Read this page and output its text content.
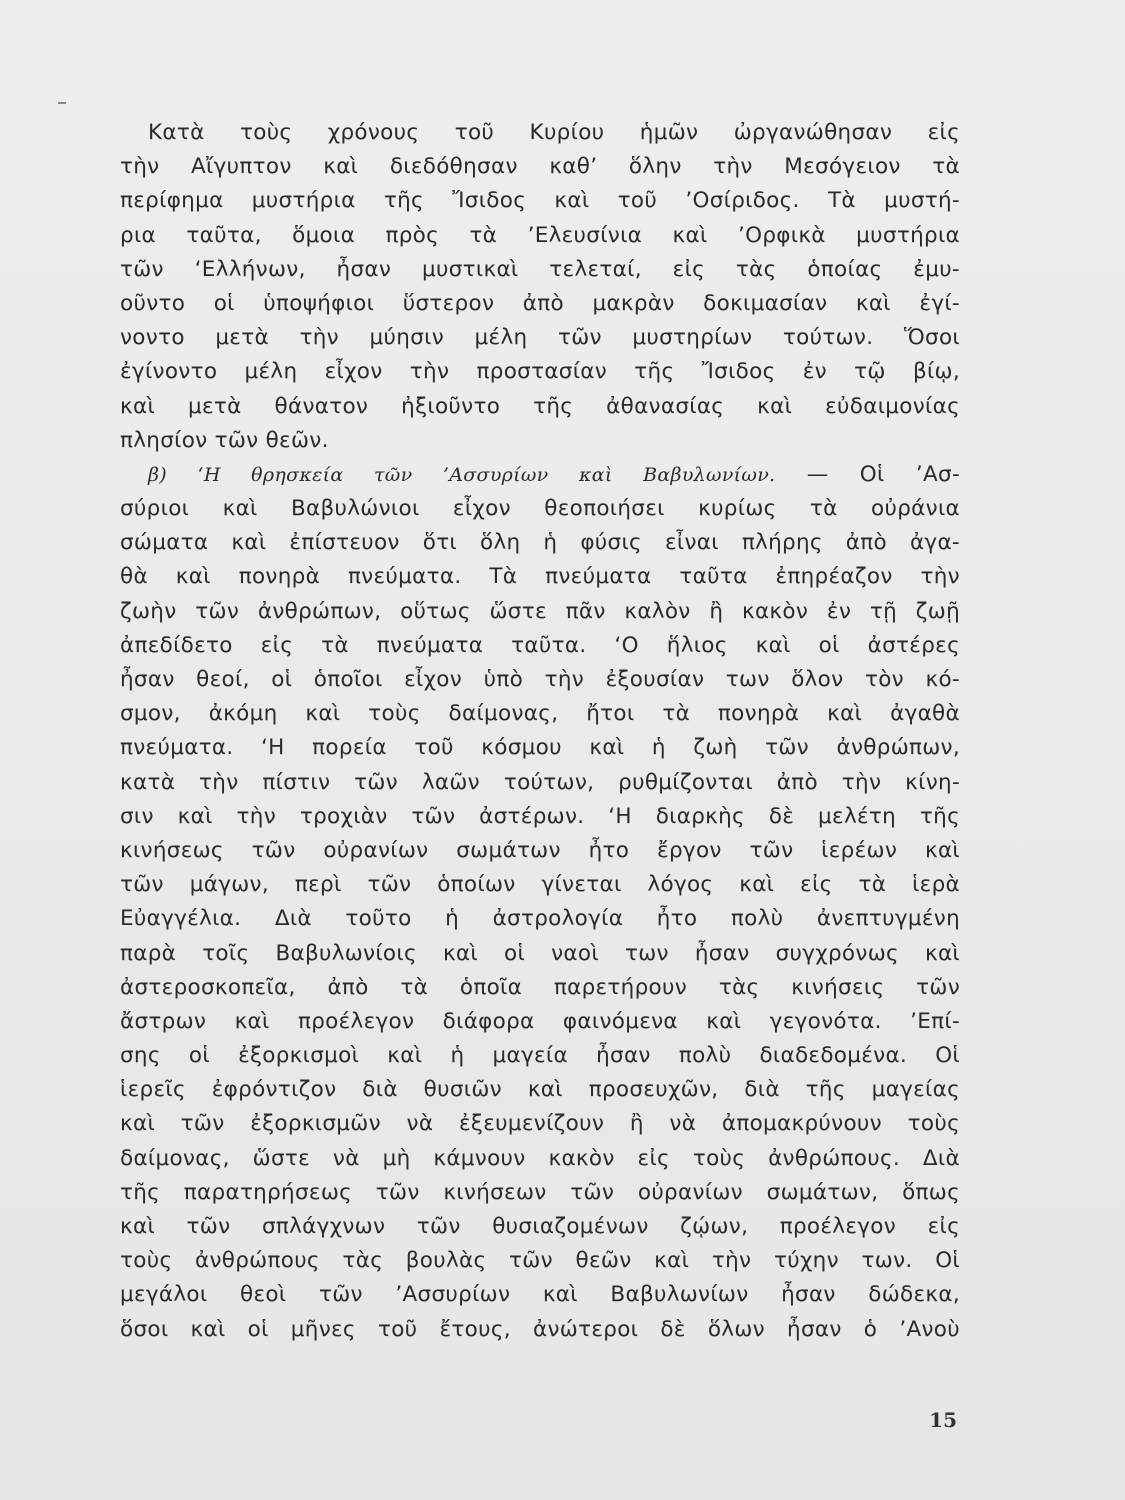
Κατὰ τοὺς χρόνους τοῦ Κυρίου ἡμῶν ὠργανώθησαν εἰς
τὴν Αἴγυπτον καὶ διεδόθησαν καθ’ ὅλην τὴν Μεσόγειον τὰ
περίφημα μυστήρια τῆς Ἴσιδος καὶ τοῦ ’Οσίριδος. Τὰ μυστή-
ρια ταῦτα, ὅμοια πρὸς τὰ ’Ελευσίνια καὶ ’Ορφικὰ μυστήρια
τῶν ‘Ελλήνων, ἦσαν μυστικαὶ τελεταί, εἰς τὰς ὁποίας ἐμυ-
οῦντο οἱ ὑποψήφιοι ὕστερον ἀπὸ μακρὰν δοκιμασίαν καὶ ἐγί-
νοντο μετὰ τὴν μύησιν μέλη τῶν μυστηρίων τούτων. Ὅσοι
ἐγίνοντο μέλη εἶχον τὴν προστασίαν τῆς Ἴσιδος ἐν τῷ βίῳ,
καὶ μετὰ θάνατον ἠξιοῦντο τῆς ἀθανασίας καὶ εὐδαιμονίας
πλησίον τῶν θεῶν.
β) ‘Η θρησκεία τῶν ’Ασσυρίων καὶ Βαβυλωνίων. — Οἱ ’Ασ-
σύριοι καὶ Βαβυλώνιοι εἶχον θεοποιήσει κυρίως τὰ οὐράνια
σώματα καὶ ἐπίστευον ὅτι ὅλη ἡ φύσις εἶναι πλήρης ἀπὸ ἀγα-
θὰ καὶ πονηρὰ πνεύματα. Τὰ πνεύματα ταῦτα ἐπηρέαζον τὴν
ζωὴν τῶν ἀνθρώπων, οὕτως ὥστε πᾶν καλὸν ἢ κακὸν ἐν τῇ ζωῇ
ἀπεδίδετο εἰς τὰ πνεύματα ταῦτα. ‘Ο ἥλιος καὶ οἱ ἀστέρες
ἦσαν θεοί, οἱ ὁποῖοι εἶχον ὑπὸ τὴν ἐξουσίαν των ὅλον τὸν κό-
σμον, ἀκόμη καὶ τοὺς δαίμονας, ἤτοι τὰ πονηρὰ καὶ ἀγαθὰ
πνεύματα. ‘Η πορεία τοῦ κόσμου καὶ ἡ ζωὴ τῶν ἀνθρώπων,
κατὰ τὴν πίστιν τῶν λαῶν τούτων, ρυθμίζονται ἀπὸ τὴν κίνη-
σιν καὶ τὴν τροχιὰν τῶν ἀστέρων. ‘Η διαρκὴς δὲ μελέτη τῆς
κινήσεως τῶν οὐρανίων σωμάτων ἦτο ἔργον τῶν ἱερέων καὶ
τῶν μάγων, περὶ τῶν ὁποίων γίνεται λόγος καὶ εἰς τὰ ἱερὰ
Εὐαγγέλια. Διὰ τοῦτο ἡ ἀστρολογία ἦτο πολὺ ἀνεπτυγμένη
παρὰ τοῖς Βαβυλωνίοις καὶ οἱ ναοὶ των ἦσαν συγχρόνως καὶ
ἀστεροσκοπεῖα, ἀπὸ τὰ ὁποῖα παρετήρουν τὰς κινήσεις τῶν
ἄστρων καὶ προέλεγον διάφορα φαινόμενα καὶ γεγονότα. ’Επί-
σης οἱ ἐξορκισμοὶ καὶ ἡ μαγεία ἦσαν πολὺ διαδεδομένα. Οἱ
ἱερεῖς ἐφρόντιζον διὰ θυσιῶν καὶ προσευχῶν, διὰ τῆς μαγείας
καὶ τῶν ἐξορκισμῶν νὰ ἐξευμενίζουν ἢ νὰ ἀπομακρύνουν τοὺς
δαίμονας, ὥστε νὰ μὴ κάμνουν κακὸν εἰς τοὺς ἀνθρώπους. Διὰ
τῆς παρατηρήσεως τῶν κινήσεων τῶν οὐρανίων σωμάτων, ὅπως
καὶ τῶν σπλάγχνων τῶν θυσιαζομένων ζῴων, προέλεγον εἰς
τοὺς ἀνθρώπους τὰς βουλὰς τῶν θεῶν καὶ τὴν τύχην των. Οἱ
μεγάλοι θεοὶ τῶν ’Ασσυρίων καὶ Βαβυλωνίων ἦσαν δώδεκα,
ὅσοι καὶ οἱ μῆνες τοῦ ἔτους, ἀνώτεροι δὲ ὅλων ἦσαν ὁ ’Ανοὺ
15
